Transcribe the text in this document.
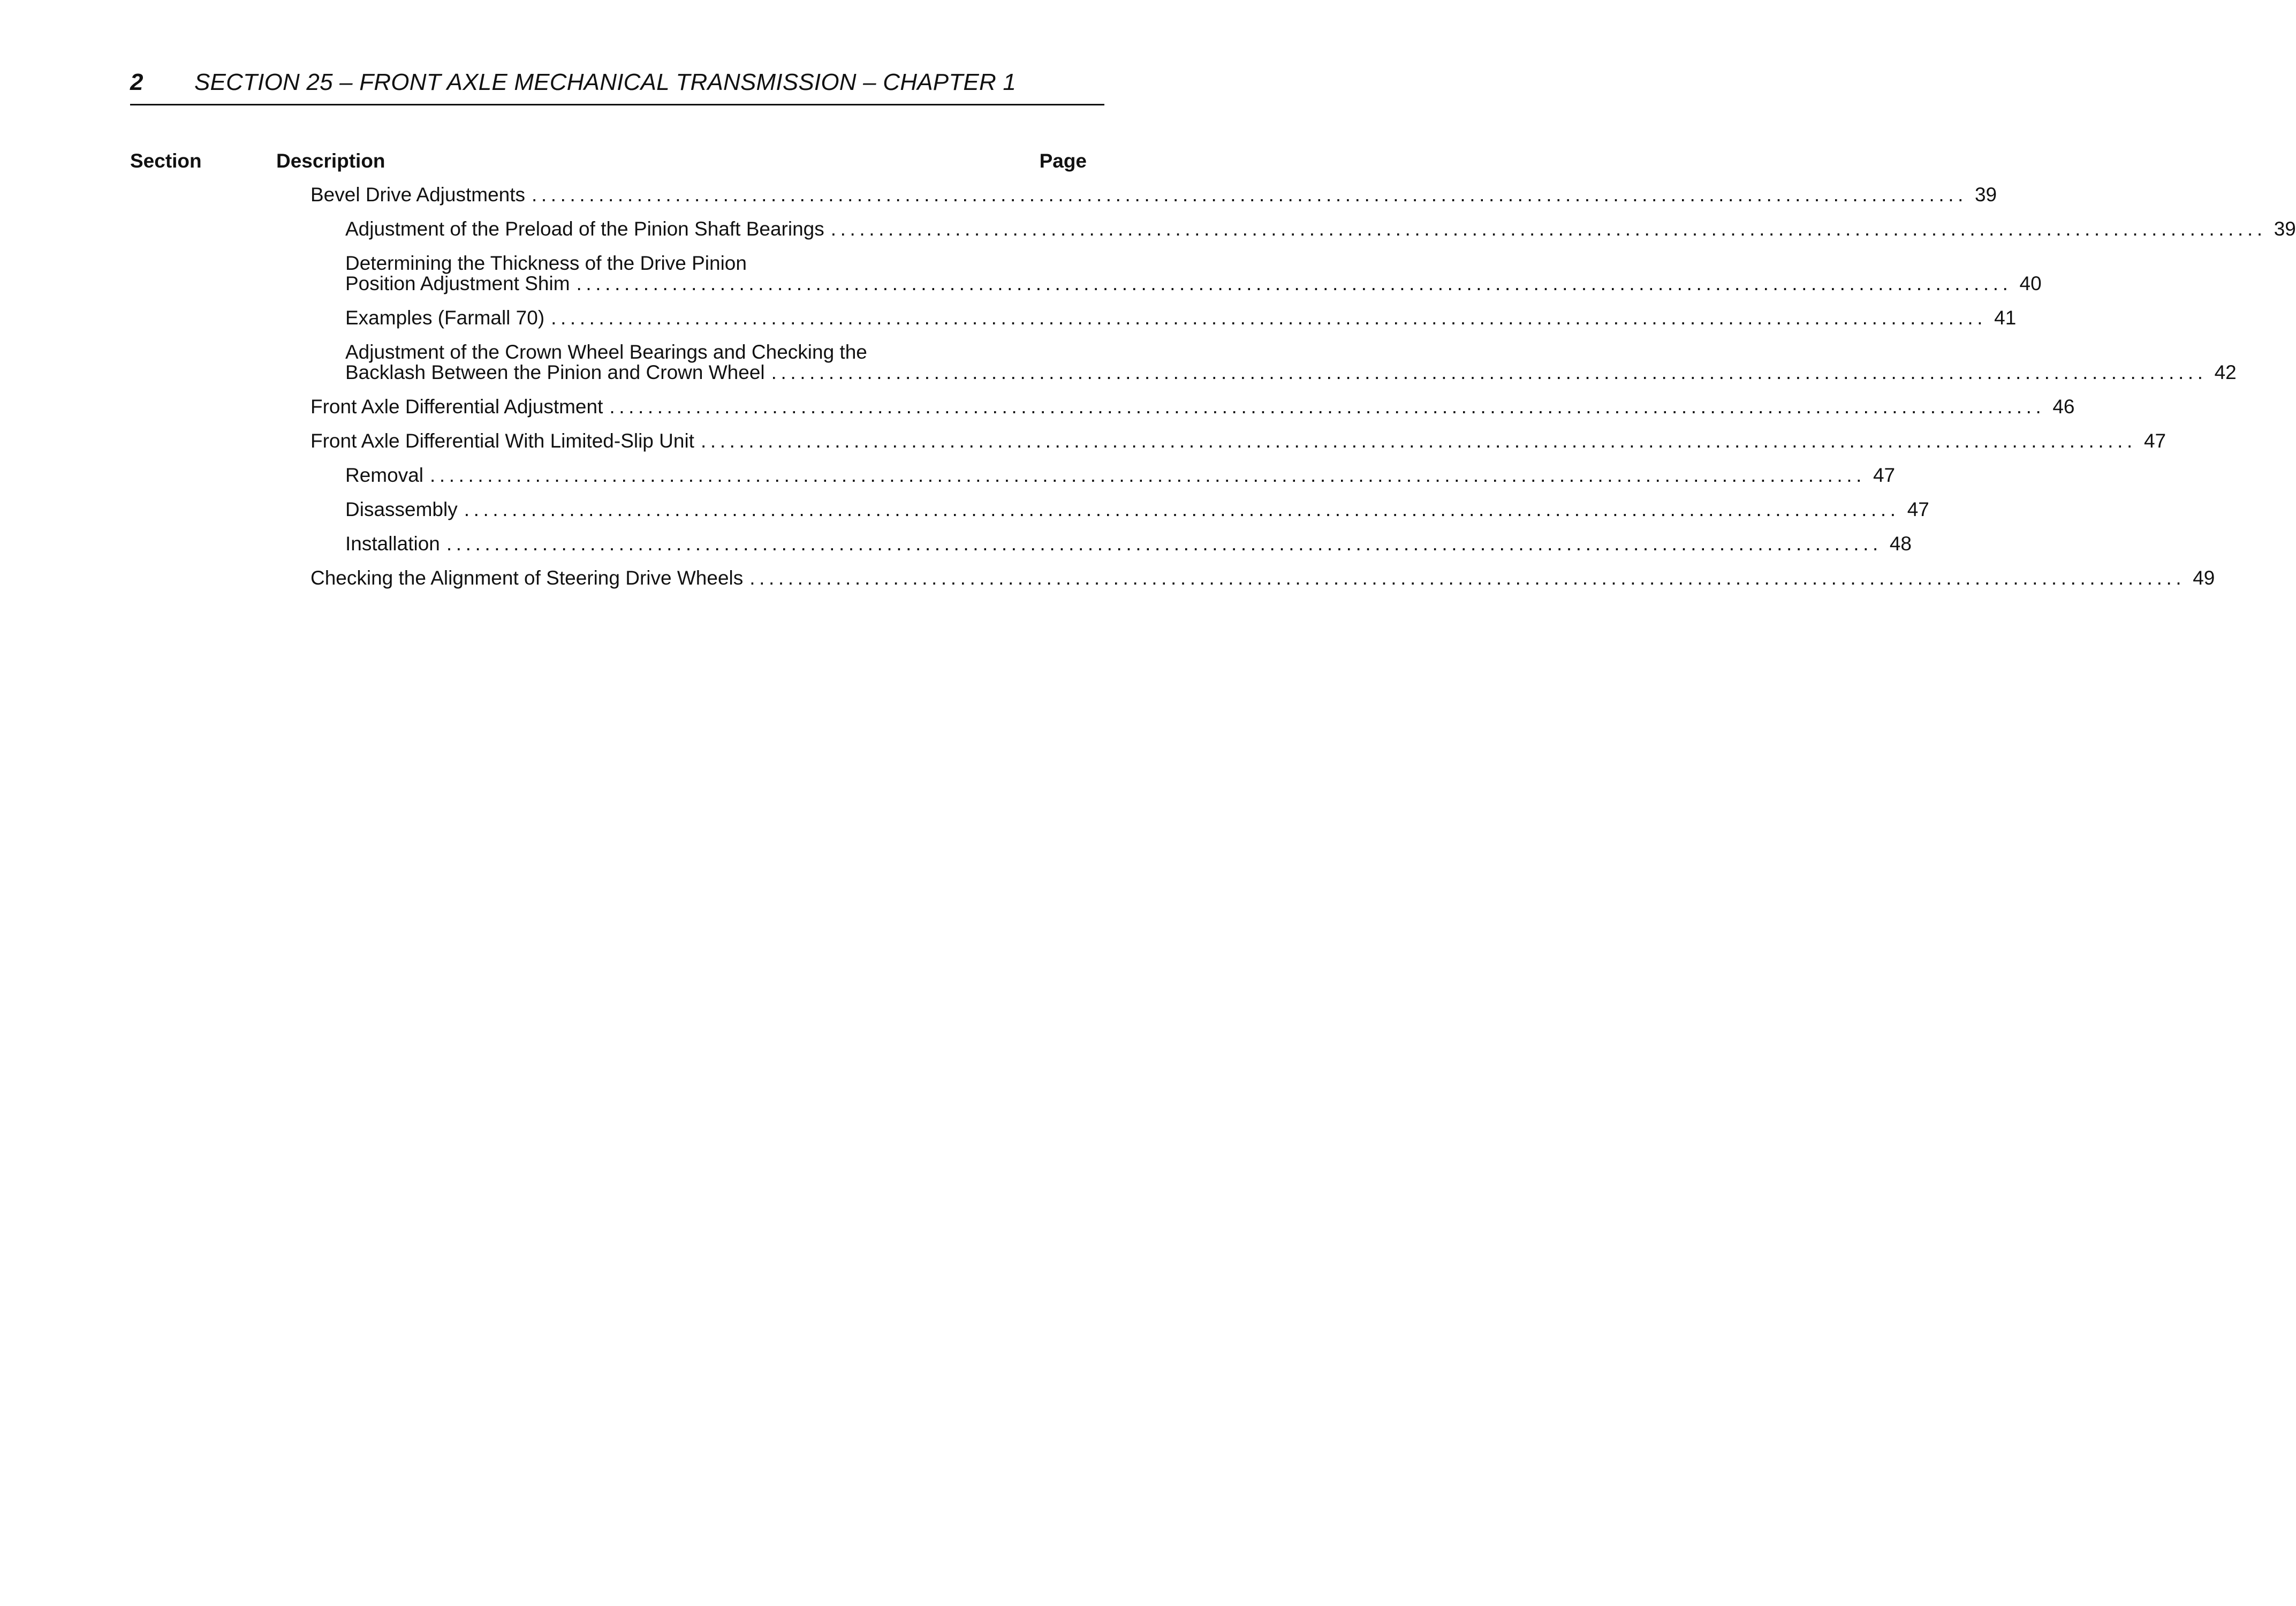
2 SECTION 25 – FRONT AXLE MECHANICAL TRANSMISSION – CHAPTER 1
Section	Description	Page
Bevel Drive Adjustments ...................................................................................................................................................... 39
Adjustment of the Preload of the Pinion Shaft Bearings ...................................................................................................................................................... 39
Determining the Thickness of the Drive Pinion
Position Adjustment Shim ...................................................................................................................................................... 40
Examples (Farmall 70) ...................................................................................................................................................... 41
Adjustment of the Crown Wheel Bearings and Checking the
Backlash Between the Pinion and Crown Wheel ...................................................................................................................................................... 42
Front Axle Differential Adjustment ...................................................................................................................................................... 46
Front Axle Differential With Limited-Slip Unit ...................................................................................................................................................... 47
Removal ...................................................................................................................................................... 47
Disassembly ...................................................................................................................................................... 47
Installation ...................................................................................................................................................... 48
Checking the Alignment of Steering Drive Wheels ...................................................................................................................................................... 49
